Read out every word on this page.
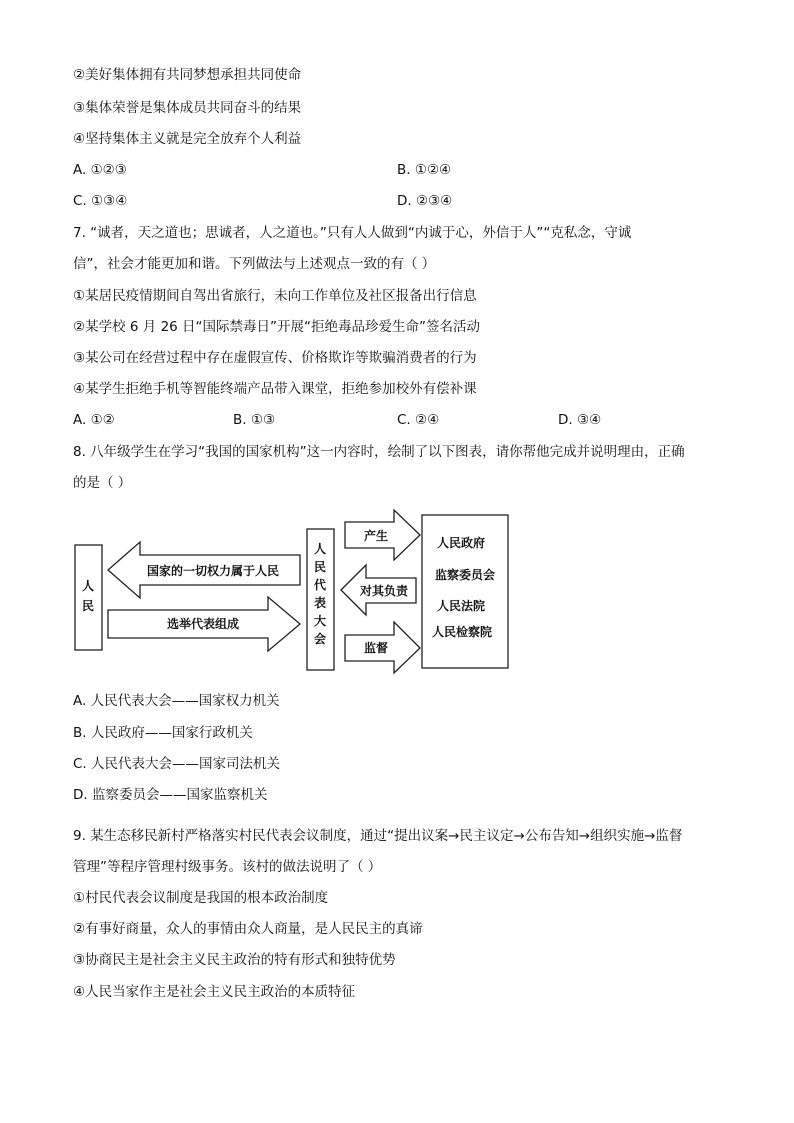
②美好集体拥有共同梦想承担共同使命
③集体荣誉是集体成员共同奋斗的结果
④坚持集体主义就是完全放弃个人利益
A. ①②③	B. ①②④
C. ①③④	D. ②③④
7. “诚者，天之道也；思诚者，人之道也。”只有人人做到“内诚于心，外信于人”“克私念，守诚
信”，社会才能更加和谐。下列做法与上述观点一致的有（ ）
①某居民疫情期间自驾出省旅行，未向工作单位及社区报备出行信息
②某学校 6 月 26 日“国际禁毒日”开展“拒绝毒品珍爱生命”签名活动
③某公司在经营过程中存在虚假宣传、价格欺诈等欺骗消费者的行为
④某学生拒绝手机等智能终端产品带入课堂，拒绝参加校外有偿补课
A. ①②	B. ①③	C. ②④	D. ③④
8. 八年级学生在学习“我国的国家机构”这一内容时，绘制了以下图表，请你帮他完成并说明理由，正确
的是（ ）
人
民
国家的一切权力属于人民
选举代表组成
人
民
代
表
大
会
产生
对其负责
监督
人民政府
监察委员会
人民法院
人民检察院
A. 人民代表大会——国家权力机关
B. 人民政府——国家行政机关
C. 人民代表大会——国家司法机关
D. 监察委员会——国家监察机关
9. 某生态移民新村严格落实村民代表会议制度，通过“提出议案→民主议定→公布告知→组织实施→监督
管理”等程序管理村级事务。该村的做法说明了（ ）
①村民代表会议制度是我国的根本政治制度
②有事好商量，众人的事情由众人商量，是人民民主的真谛
③协商民主是社会主义民主政治的特有形式和独特优势
④人民当家作主是社会主义民主政治的本质特征
